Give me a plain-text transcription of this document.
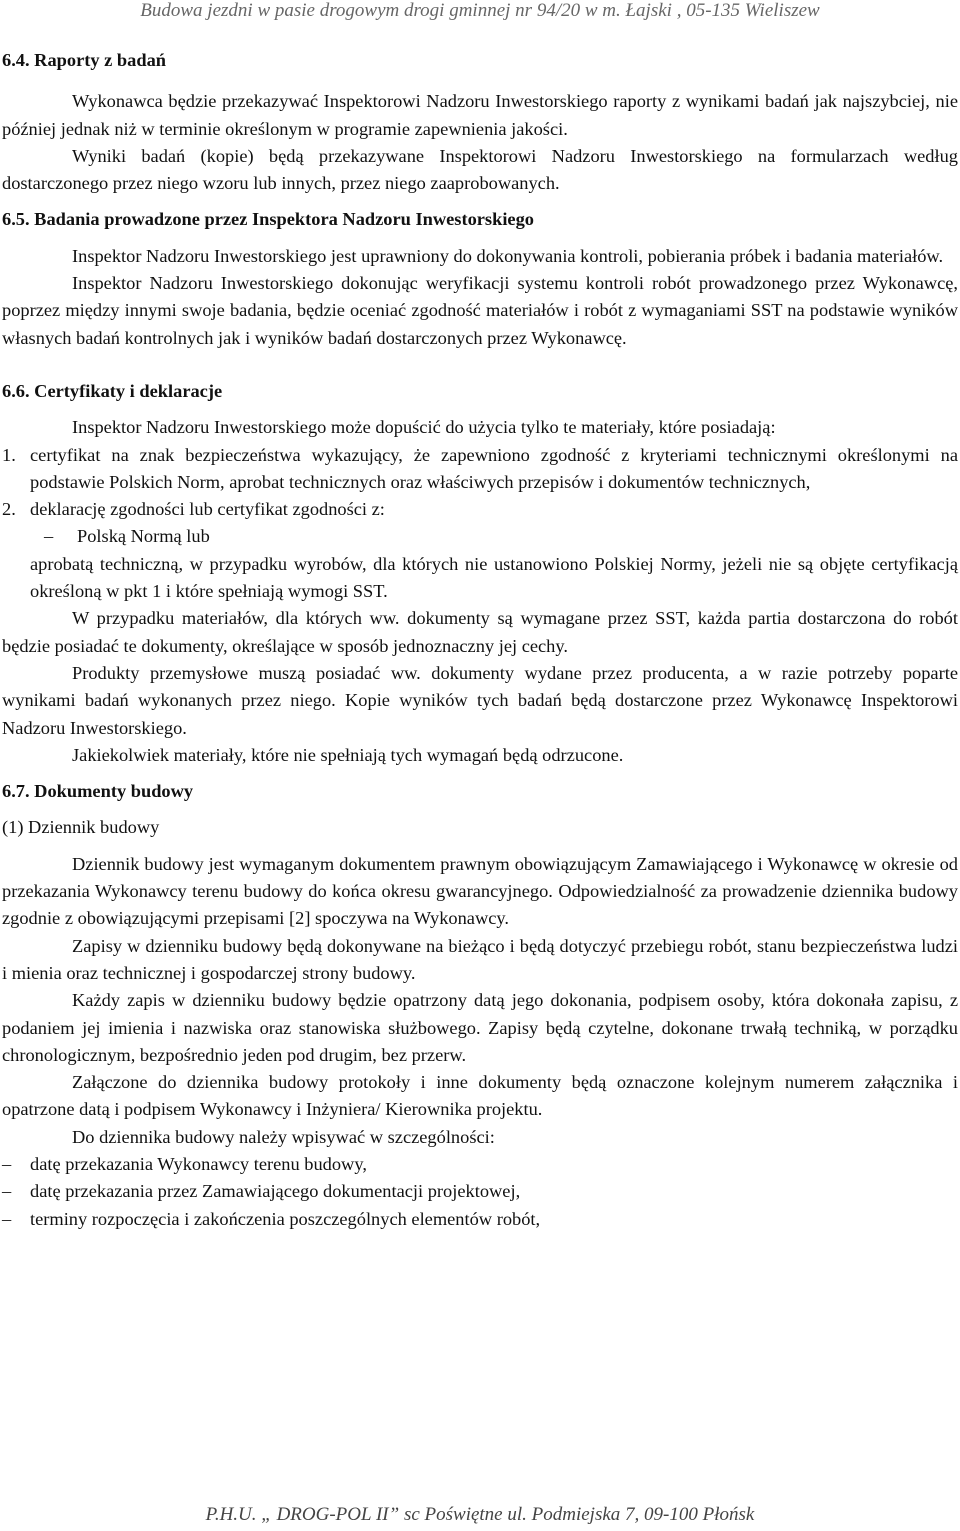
Budowa jezdni w pasie drogowym drogi gminnej nr 94/20 w m. Łajski , 05-135 Wieliszew
6.4. Raporty z badań

Wykonawca będzie przekazywać Inspektorowi Nadzoru Inwestorskiego raporty z wynikami badań jak najszybciej, nie później jednak niż w terminie określonym w programie zapewnienia jakości.

Wyniki badań (kopie) będą przekazywane Inspektorowi Nadzoru Inwestorskiego na formularzach według dostarczonego przez niego wzoru lub innych, przez niego zaaprobowanych.

6.5. Badania prowadzone przez Inspektora Nadzoru Inwestorskiego

Inspektor Nadzoru Inwestorskiego jest uprawniony do dokonywania kontroli, pobierania próbek i badania materiałów.

Inspektor Nadzoru Inwestorskiego dokonując weryfikacji systemu kontroli robót prowadzonego przez Wykonawcę, poprzez między innymi swoje badania, będzie oceniać zgodność materiałów i robót z wymaganiami SST na podstawie wyników własnych badań kontrolnych jak i wyników badań dostarczonych przez Wykonawcę.

6.6. Certyfikaty i deklaracje

Inspektor Nadzoru Inwestorskiego może dopuścić do użycia tylko te materiały, które posiadają:

1. certyfikat na znak bezpieczeństwa wykazujący, że zapewniono zgodność z kryteriami technicznymi określonymi na podstawie Polskich Norm, aprobat technicznych oraz właściwych przepisów i dokumentów technicznych,
2. deklarację zgodności lub certyfikat zgodności z:
– Polską Normą lub
aprobatą techniczną, w przypadku wyrobów, dla których nie ustanowiono Polskiej Normy, jeżeli nie są objęte certyfikacją określoną w pkt 1 i które spełniają wymogi SST.

W przypadku materiałów, dla których ww. dokumenty są wymagane przez SST, każda partia dostarczona do robót będzie posiadać te dokumenty, określające w sposób jednoznaczny jej cechy.

Produkty przemysłowe muszą posiadać ww. dokumenty wydane przez producenta, a w razie potrzeby poparte wynikami badań wykonanych przez niego. Kopie wyników tych badań będą dostarczone przez Wykonawcę Inspektorowi Nadzoru Inwestorskiego.

Jakiekolwiek materiały, które nie spełniają tych wymagań będą odrzucone.

6.7. Dokumenty budowy
(1) Dziennik budowy

Dziennik budowy jest wymaganym dokumentem prawnym obowiązującym Zamawiającego i Wykonawcę w okresie od przekazania Wykonawcy terenu budowy do końca okresu gwarancyjnego. Odpowiedzialność za prowadzenie dziennika budowy zgodnie z obowiązującymi przepisami [2] spoczywa na Wykonawcy.

Zapisy w dzienniku budowy będą dokonywane na bieżąco i będą dotyczyć przebiegu robót, stanu bezpieczeństwa ludzi i mienia oraz technicznej i gospodarczej strony budowy.

Każdy zapis w dzienniku budowy będzie opatrzony datą jego dokonania, podpisem osoby, która dokonała zapisu, z podaniem jej imienia i nazwiska oraz stanowiska służbowego. Zapisy będą czytelne, dokonane trwałą techniką, w porządku chronologicznym, bezpośrednio jeden pod drugim, bez przerw.

Załączone do dziennika budowy protokoły i inne dokumenty będą oznaczone kolejnym numerem załącznika i opatrzone datą i podpisem Wykonawcy i Inżyniera/ Kierownika projektu.

Do dziennika budowy należy wpisywać w szczególności:

– datę przekazania Wykonawcy terenu budowy,
– datę przekazania przez Zamawiającego dokumentacji projektowej,
– terminy rozpoczęcia i zakończenia poszczególnych elementów robót,
P.H.U. „ DROG-POL II” sc Poświętne ul. Podmiejska 7, 09-100 Płońsk
